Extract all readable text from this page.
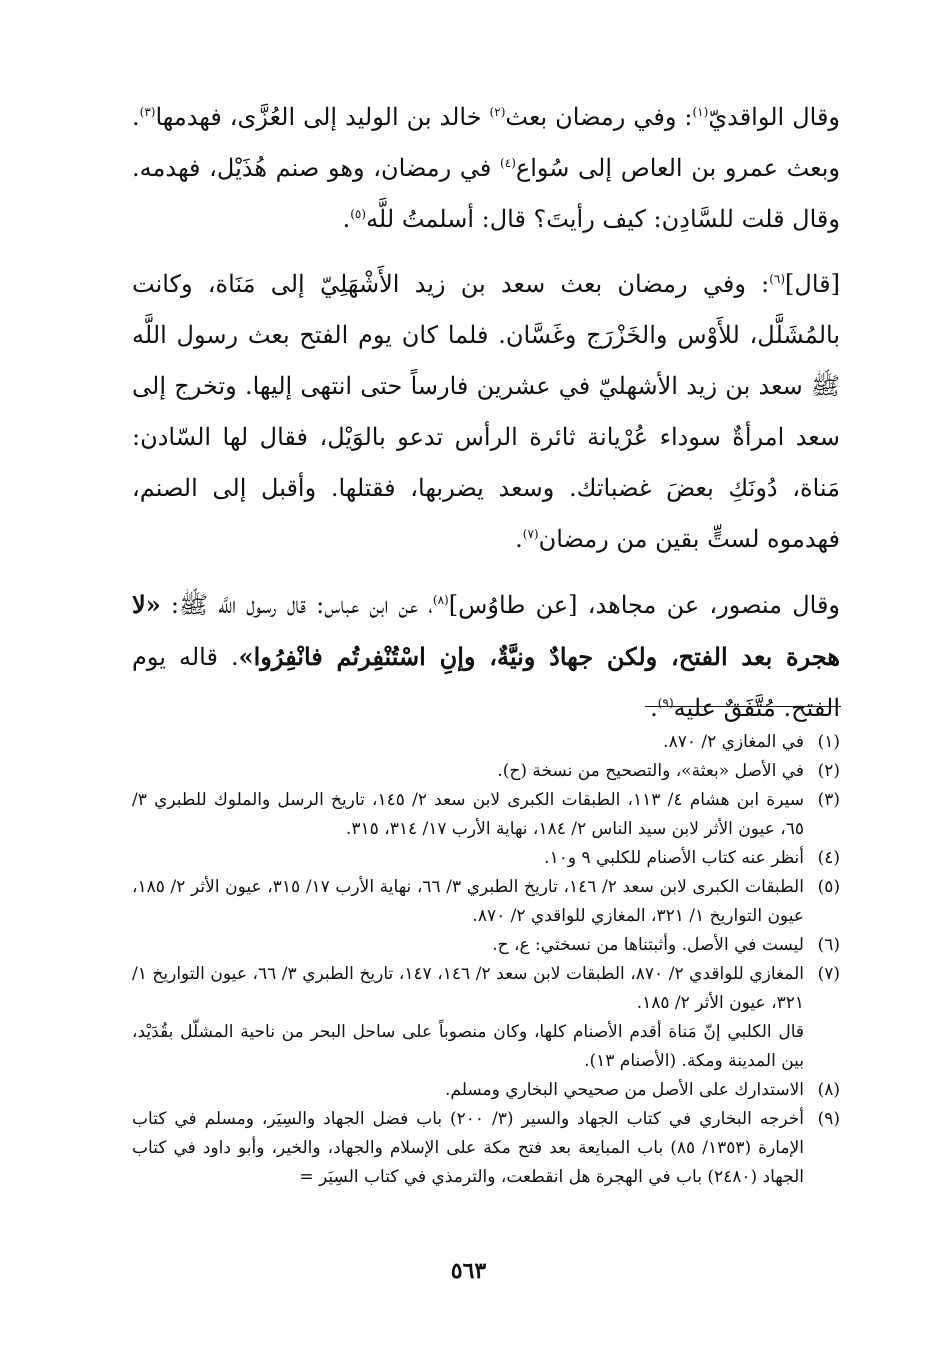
وقال الواقديّ$^{(١)}$: وفي رمضان بعث$^{(٢)}$ خالد بن الوليد إلى العُزَّى، فهدمها$^{(٣)}$. وبعث عمرو بن العاص إلى سُواع$^{(٤)}$ في رمضان، وهو صنم هُذَيْل، فهدمه. وقال قلت للسَّادِن: كيف رأيتَ؟ قال: أسلمتُ للَّه$^{(٥)}$.

[قال]$^{(٦)}$: وفي رمضان بعث سعد بن زيد الأَشْهَلِيّ إلى مَنَاة، وكانت بالمُشَلَّل، للأَوْس والخَزْرَج وغَسَّان. فلما كان يوم الفتح بعث رسول اللَّه ﷺ سعد بن زيد الأشهليّ في عشرين فارساً حتى انتهى إليها. وتخرج إلى سعد امرأةٌ سوداء عُرْيانة ثائرة الرأس تدعو بالوَيْل، فقال لها السّادن: مَناة، دُونَكِ بعضَ غضباتك. وسعد يضربها، فقتلها. وأقبل إلى الصنم، فهدموه لستٍّ بقين من رمضان$^{(٧)}$.

وقال منصور، عن مجاهد، [عن طاوُس]$^{(٨)}$، عن ابن عباس: قال رسول اللَّه ﷺ: «لا هجرة بعد الفتح، ولكن جهادٌ ونيَّةٌ، وإنِ اسْتُنْفِرتُم فانْفِرُوا». قاله يوم الفتح. مُتَّفَقٌ عليه$^{(٩)}$.

(١)
في المغازي ٢/ ٨٧٠.
(٢)
في الأصل «بعثة»، والتصحيح من نسخة (ح).
(٣)
سيرة ابن هشام ٤/ ١١٣، الطبقات الكبرى لابن سعد ٢/ ١٤٥، تاريخ الرسل والملوك للطبري ٣/ ٦٥، عيون الأثر لابن سيد الناس ٢/ ١٨٤، نهاية الأرب ١٧/ ٣١٤، ٣١٥.
(٤)
أنظر عنه كتاب الأصنام للكلبي ٩ و١٠.
(٥)
الطبقات الكبرى لابن سعد ٢/ ١٤٦، تاريخ الطبري ٣/ ٦٦، نهاية الأرب ١٧/ ٣١٥، عيون الأثر ٢/ ١٨٥، عيون التواريخ ١/ ٣٢١، المغازي للواقدي ٢/ ٨٧٠.
(٦)
ليست في الأصل. وأثبتناها من نسختي: ع، ح.
(٧)
المغازي للواقدي ٢/ ٨٧٠، الطبقات لابن سعد ٢/ ١٤٦، ١٤٧، تاريخ الطبري ٣/ ٦٦، عيون التواريخ ١/ ٣٢١، عيون الأثر ٢/ ١٨٥.
قال الكلبي إنّ مَناة أقدم الأصنام كلها، وكان منصوباً على ساحل البحر من ناحية المشلّل بقُدَيْد، بين المدينة ومكة. (الأصنام ١٣).
(٨)
الاستدارك على الأصل من صحيحي البخاري ومسلم.
(٩)
أخرجه البخاري في كتاب الجهاد والسير (٣/ ٢٠٠) باب فضل الجهاد والسِيَر، ومسلم في كتاب الإمارة (١٣٥٣/ ٨٥) باب المبايعة بعد فتح مكة على الإسلام والجهاد، والخير، وأبو داود في كتاب الجهاد (٢٤٨٠) باب في الهجرة هل انقطعت، والترمذي في كتاب السِيَر =
٥٦٣
